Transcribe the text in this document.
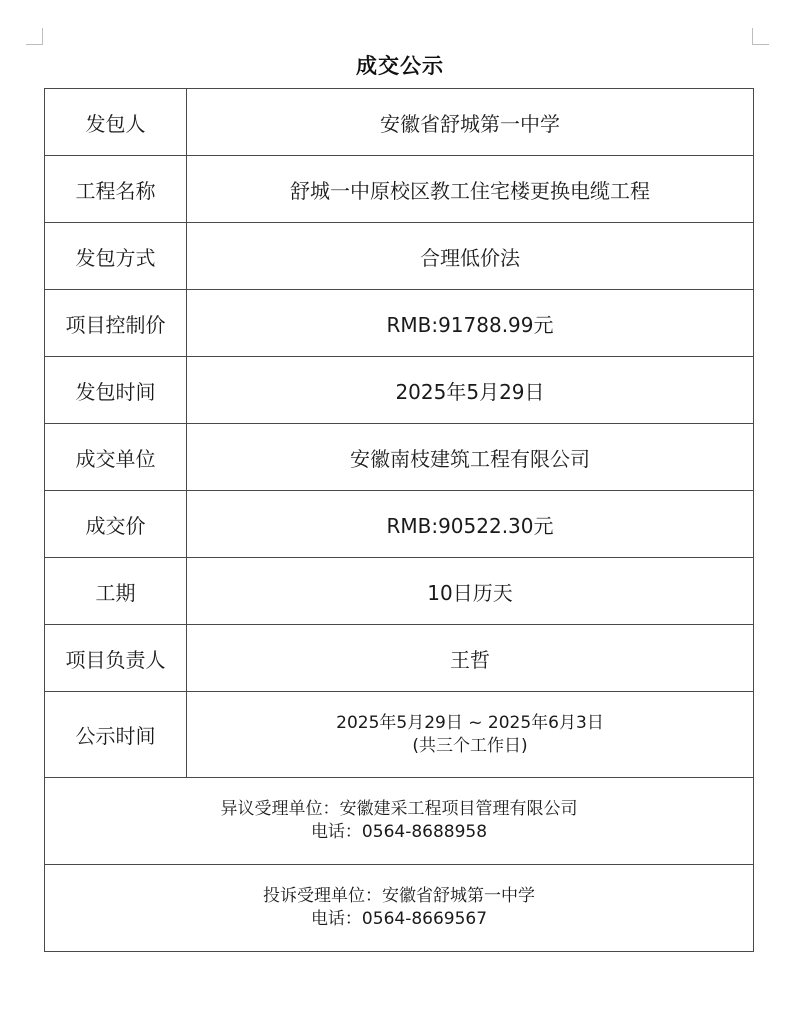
成交公示
发包人	安徽省舒城第一中学
工程名称	舒城一中原校区教工住宅楼更换电缆工程
发包方式	合理低价法
项目控制价	RMB:91788.99元
发包时间	2025年5月29日
成交单位	安徽南枝建筑工程有限公司
成交价	RMB:90522.30元
工期	10日历天
项目负责人	王哲
公示时间	2025年5月29日 ~ 2025年6月3日
(共三个工作日)

异议受理单位：安徽建采工程项目管理有限公司
电话：0564-8688958	

投诉受理单位：安徽省舒城第一中学
电话：0564-8669567	
